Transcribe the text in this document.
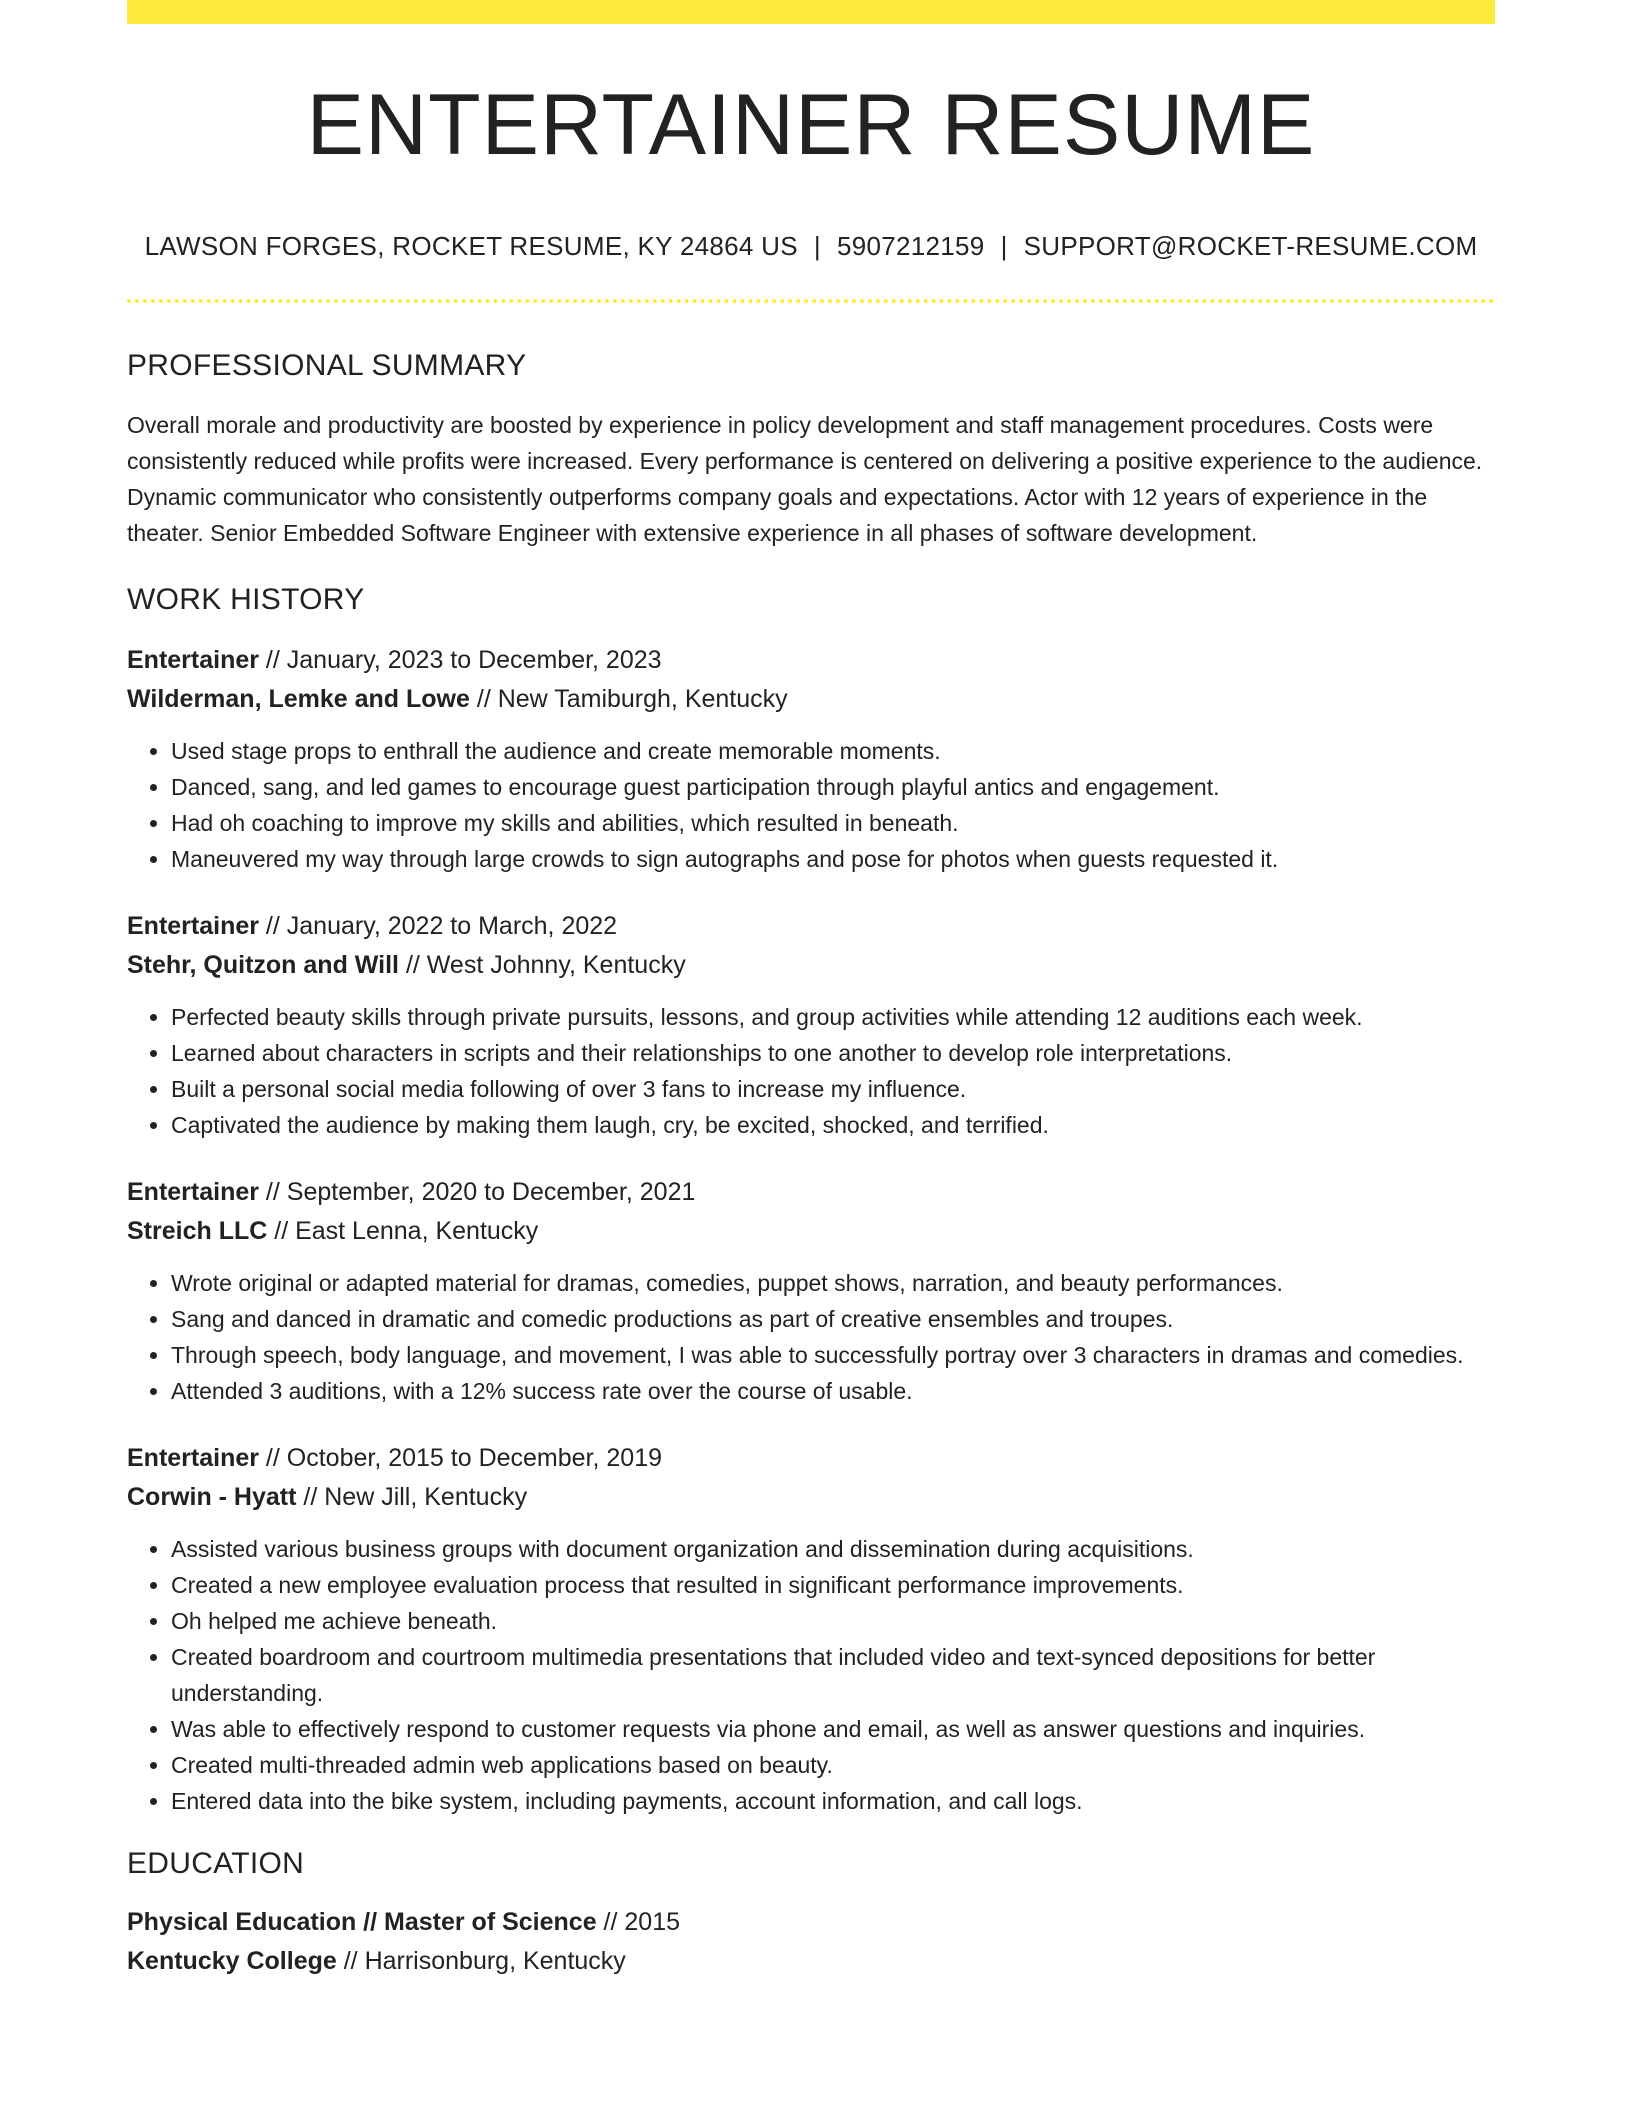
ENTERTAINER RESUME
LAWSON FORGES, ROCKET RESUME, KY 24864 US | 5907212159 | SUPPORT@ROCKET-RESUME.COM
PROFESSIONAL SUMMARY

Overall morale and productivity are boosted by experience in policy development and staff management procedures. Costs were consistently reduced while profits were increased. Every performance is centered on delivering a positive experience to the audience. Dynamic communicator who consistently outperforms company goals and expectations. Actor with 12 years of experience in the theater. Senior Embedded Software Engineer with extensive experience in all phases of software development.

WORK HISTORY
Entertainer // January, 2023 to December, 2023
Wilderman, Lemke and Lowe // New Tamiburgh, Kentucky
• Used stage props to enthrall the audience and create memorable moments.
• Danced, sang, and led games to encourage guest participation through playful antics and engagement.
• Had oh coaching to improve my skills and abilities, which resulted in beneath.
• Maneuvered my way through large crowds to sign autographs and pose for photos when guests requested it.
Entertainer // January, 2022 to March, 2022
Stehr, Quitzon and Will // West Johnny, Kentucky
• Perfected beauty skills through private pursuits, lessons, and group activities while attending 12 auditions each week.
• Learned about characters in scripts and their relationships to one another to develop role interpretations.
• Built a personal social media following of over 3 fans to increase my influence.
• Captivated the audience by making them laugh, cry, be excited, shocked, and terrified.
Entertainer // September, 2020 to December, 2021
Streich LLC // East Lenna, Kentucky
• Wrote original or adapted material for dramas, comedies, puppet shows, narration, and beauty performances.
• Sang and danced in dramatic and comedic productions as part of creative ensembles and troupes.
• Through speech, body language, and movement, I was able to successfully portray over 3 characters in dramas and comedies.
• Attended 3 auditions, with a 12% success rate over the course of usable.
Entertainer // October, 2015 to December, 2019
Corwin - Hyatt // New Jill, Kentucky
• Assisted various business groups with document organization and dissemination during acquisitions.
• Created a new employee evaluation process that resulted in significant performance improvements.
• Oh helped me achieve beneath.
• Created boardroom and courtroom multimedia presentations that included video and text-synced depositions for better understanding.
• Was able to effectively respond to customer requests via phone and email, as well as answer questions and inquiries.
• Created multi-threaded admin web applications based on beauty.
• Entered data into the bike system, including payments, account information, and call logs.
EDUCATION
Physical Education // Master of Science // 2015
Kentucky College // Harrisonburg, Kentucky
